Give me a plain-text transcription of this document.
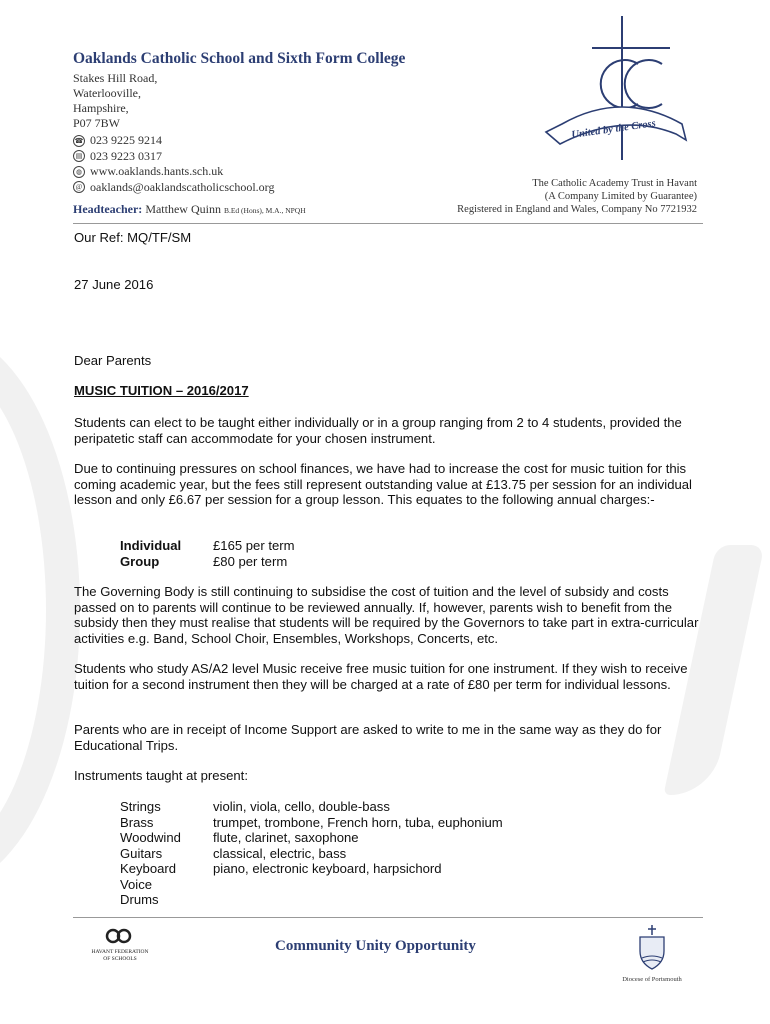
Oaklands Catholic School and Sixth Form College
Stakes Hill Road,
Waterlooville,
Hampshire,
P07 7BW
☎ 023 9225 9214
▤ 023 9223 0317
◍ www.oaklands.hants.sch.uk
@ oaklands@oaklandscatholicschool.org
Headteacher: Matthew Quinn B.Ed (Hons), M.A., NPQH
The Catholic Academy Trust in Havant
(A Company Limited by Guarantee)
Registered in England and Wales, Company No 7721932
United by the Cross

Our Ref: MQ/TF/SM

27 June 2016

Dear Parents

MUSIC TUITION – 2016/2017

Students can elect to be taught either individually or in a group ranging from 2 to 4 students, provided the peripatetic staff can accommodate for your chosen instrument.

Due to continuing pressures on school finances, we have had to increase the cost for music tuition for this coming academic year, but the fees still represent outstanding value at £13.75 per session for an individual lesson and only £6.67 per session for a group lesson. This equates to the following annual charges:-

Individual	£165 per term
Group	£80 per term

The Governing Body is still continuing to subsidise the cost of tuition and the level of subsidy and costs passed on to parents will continue to be reviewed annually. If, however, parents wish to benefit from the subsidy then they must realise that students will be required by the Governors to take part in extra-curricular activities e.g. Band, School Choir, Ensembles, Workshops, Concerts, etc.

Students who study AS/A2 level Music receive free music tuition for one instrument. If they wish to receive tuition for a second instrument then they will be charged at a rate of £80 per term for individual lessons.

Parents who are in receipt of Income Support are asked to write to me in the same way as they do for Educational Trips.

Instruments taught at present:

Strings	violin, viola, cello, double-bass
Brass	trumpet, trombone, French horn, tuba, euphonium
Woodwind	flute, clarinet, saxophone
Guitars	classical, electric, bass
Keyboard	piano, electronic keyboard, harpsichord
Voice
Drums
HAVANT FEDERATION
OF SCHOOLS
Community Unity Opportunity
Diocese of Portsmouth
